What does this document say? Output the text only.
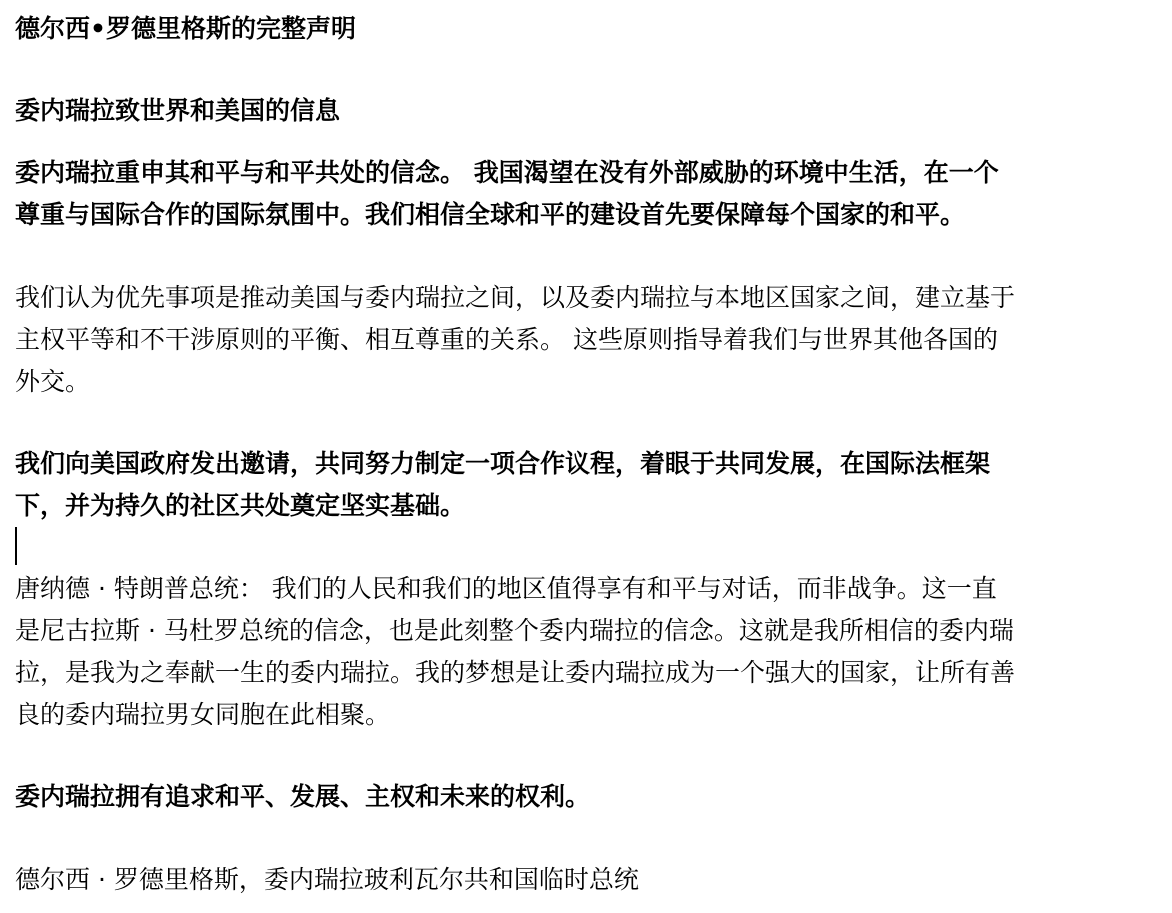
德尔西•罗德里格斯的完整声明
委内瑞拉致世界和美国的信息
委内瑞拉重申其和平与和平共处的信念。 我国渴望在没有外部威胁的环境中生活，在一个
尊重与国际合作的国际氛围中。我们相信全球和平的建设首先要保障每个国家的和平。
我们认为优先事项是推动美国与委内瑞拉之间，以及委内瑞拉与本地区国家之间，建立基于
主权平等和不干涉原则的平衡、相互尊重的关系。 这些原则指导着我们与世界其他各国的
外交。
我们向美国政府发出邀请，共同努力制定一项合作议程，着眼于共同发展，在国际法框架
下，并为持久的社区共处奠定坚实基础。
唐纳德 · 特朗普总统： 我们的人民和我们的地区值得享有和平与对话，而非战争。这一直
是尼古拉斯 · 马杜罗总统的信念，也是此刻整个委内瑞拉的信念。这就是我所相信的委内瑞
拉，是我为之奉献一生的委内瑞拉。我的梦想是让委内瑞拉成为一个强大的国家，让所有善
良的委内瑞拉男女同胞在此相聚。
委内瑞拉拥有追求和平、发展、主权和未来的权利。
德尔西 · 罗德里格斯，委内瑞拉玻利瓦尔共和国临时总统
